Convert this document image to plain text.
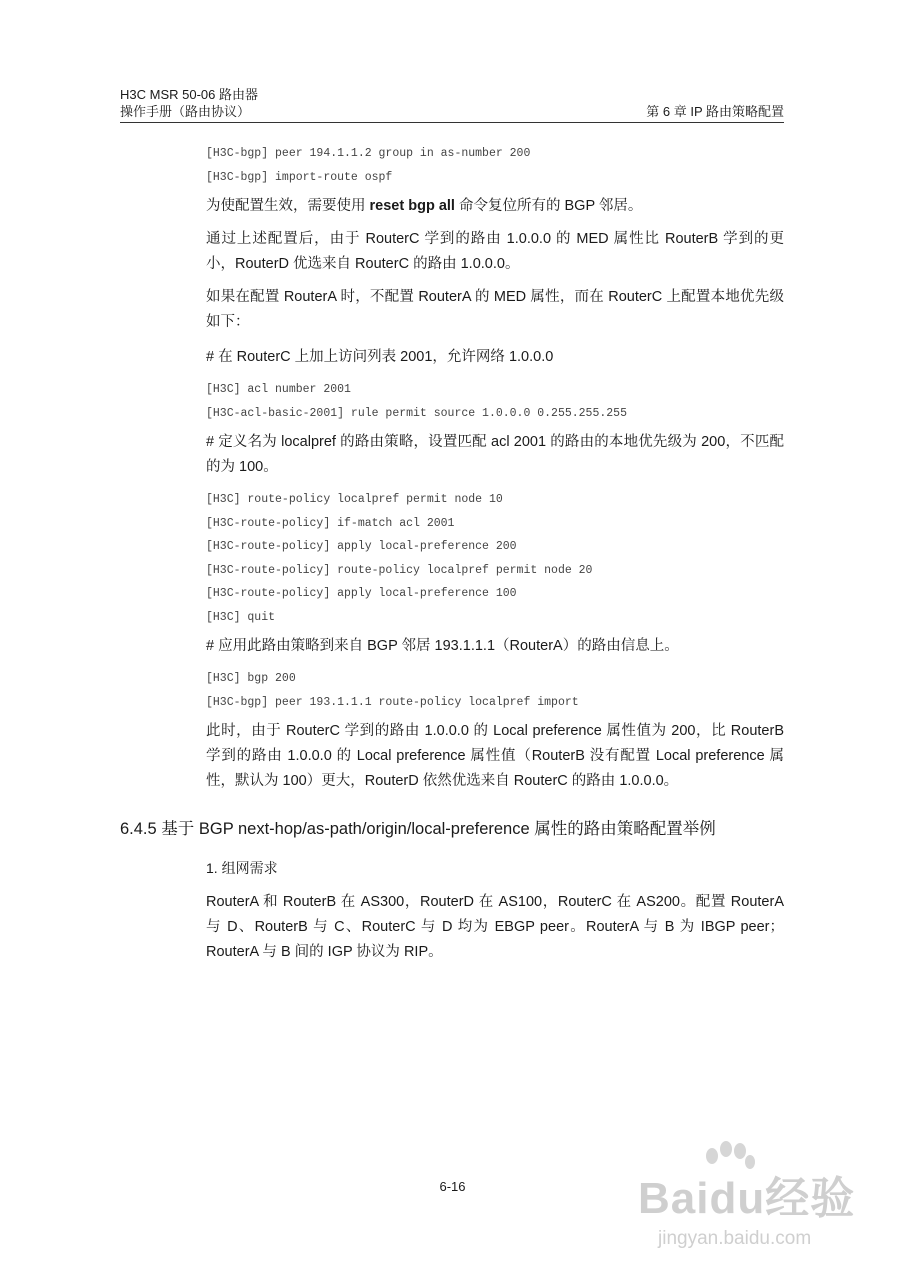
H3C MSR 50-06 路由器
操作手册（路由协议）	第 6 章 IP 路由策略配置

[H3C-bgp] peer 194.1.1.2 group in as-number 200

[H3C-bgp] import-route ospf

为使配置生效，需要使用 reset bgp all 命令复位所有的 BGP 邻居。

通过上述配置后，由于 RouterC 学到的路由 1.0.0.0 的 MED 属性比 RouterB 学到的更小，RouterD 优选来自 RouterC 的路由 1.0.0.0。

如果在配置 RouterA 时，不配置 RouterA 的 MED 属性，而在 RouterC 上配置本地优先级如下：

# 在 RouterC 上加上访问列表 2001，允许网络 1.0.0.0

[H3C] acl number 2001

[H3C-acl-basic-2001] rule permit source 1.0.0.0 0.255.255.255

# 定义名为 localpref 的路由策略，设置匹配 acl 2001 的路由的本地优先级为 200，不匹配的为 100。

[H3C] route-policy localpref permit node 10

[H3C-route-policy] if-match acl 2001

[H3C-route-policy] apply local-preference 200

[H3C-route-policy] route-policy localpref permit node 20

[H3C-route-policy] apply local-preference 100

[H3C] quit

# 应用此路由策略到来自 BGP 邻居 193.1.1.1（RouterA）的路由信息上。

[H3C] bgp 200

[H3C-bgp] peer 193.1.1.1 route-policy localpref import

此时，由于 RouterC 学到的路由 1.0.0.0 的 Local preference 属性值为 200，比 RouterB 学到的路由 1.0.0.0 的 Local preference 属性值（RouterB 没有配置 Local preference 属性，默认为 100）更大，RouterD 依然优选来自 RouterC 的路由 1.0.0.0。

6.4.5 基于 BGP next-hop/as-path/origin/local-preference 属性的路由策略配置举例

1. 组网需求

RouterA 和 RouterB 在 AS300，RouterD 在 AS100，RouterC 在 AS200。配置 RouterA 与 D、RouterB 与 C、RouterC 与 D 均为 EBGP peer。RouterA 与 B 为 IBGP peer；RouterA 与 B 间的 IGP 协议为 RIP。

6-16	Baidu经验
jingyan.baidu.com
